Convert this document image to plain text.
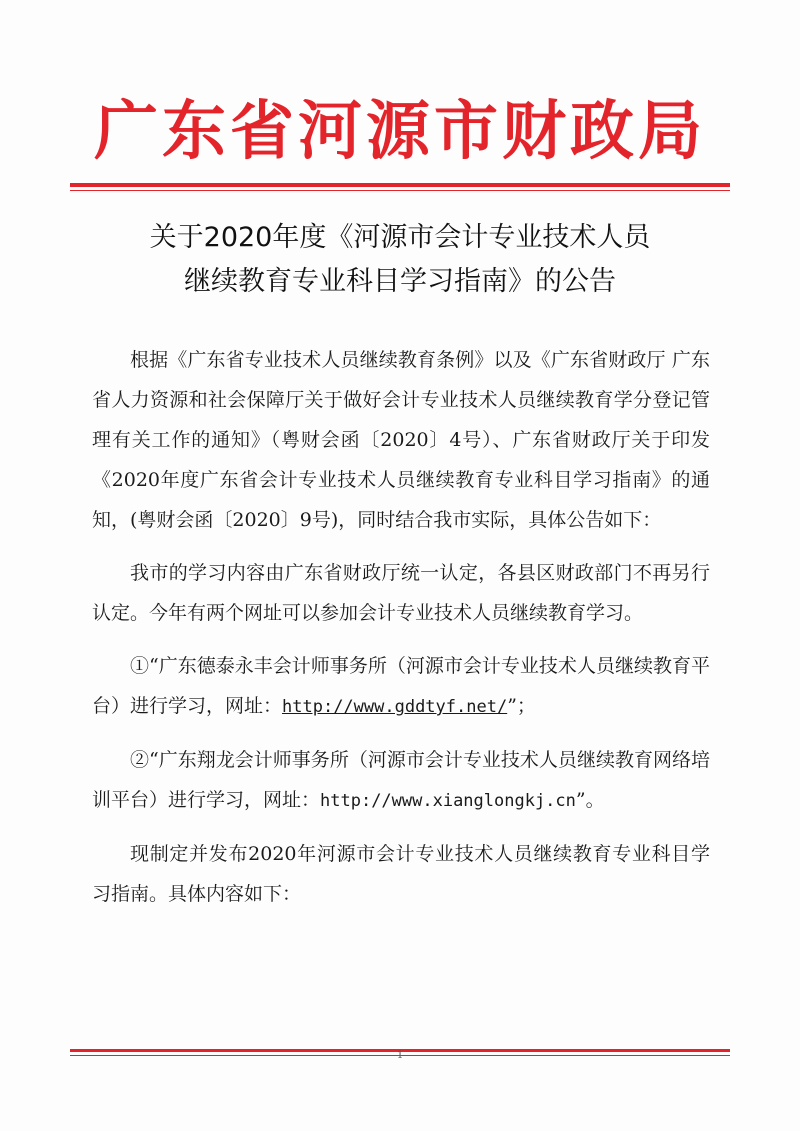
广东省河源市财政局
关于2020年度《河源市会计专业技术人员
继续教育专业科目学习指南》的公告

根据《广东省专业技术人员继续教育条例》以及《广东省财政厅 广东省人力资源和社会保障厅关于做好会计专业技术人员继续教育学分登记管理有关工作的通知》（粤财会函〔2020〕4号）、广东省财政厅关于印发《2020年度广东省会计专业技术人员继续教育专业科目学习指南》的通知，(粤财会函〔2020〕9号)，同时结合我市实际，具体公告如下：

我市的学习内容由广东省财政厅统一认定，各县区财政部门不再另行认定。今年有两个网址可以参加会计专业技术人员继续教育学习。

①“广东德泰永丰会计师事务所（河源市会计专业技术人员继续教育平台）进行学习，网址：http://www.gddtyf.net/”；

②“广东翔龙会计师事务所（河源市会计专业技术人员继续教育网络培训平台）进行学习，网址：http://www.xianglongkj.cn”。

现制定并发布2020年河源市会计专业技术人员继续教育专业科目学习指南。具体内容如下：
